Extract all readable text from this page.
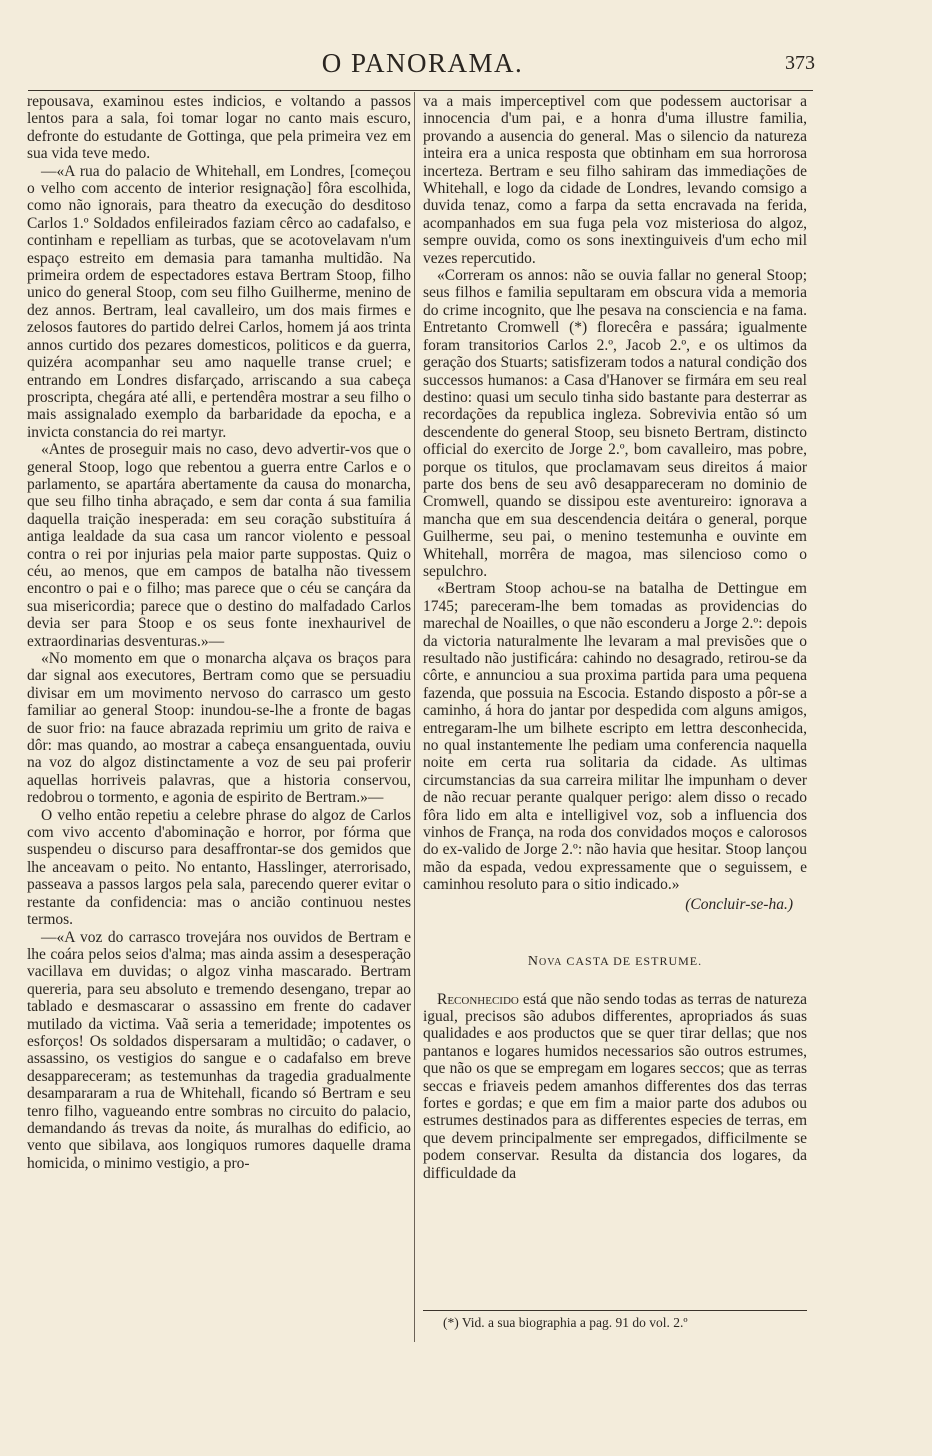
O PANORAMA.	373

repousava, examinou estes indicios, e voltando a passos lentos para a sala, foi tomar logar no canto mais escuro, defronte do estudante de Gottinga, que pela primeira vez em sua vida teve medo.

—«A rua do palacio de Whitehall, em Londres, [começou o velho com accento de interior resignação] fôra escolhida, como não ignorais, para theatro da execução do desditoso Carlos 1.º Soldados enfileirados faziam cêrco ao cadafalso, e continham e repelliam as turbas, que se acotovelavam n'um espaço estreito em demasia para tamanha multidão. Na primeira ordem de espectadores estava Bertram Stoop, filho unico do general Stoop, com seu filho Guilherme, menino de dez annos. Bertram, leal cavalleiro, um dos mais firmes e zelosos fautores do partido delrei Carlos, homem já aos trinta annos curtido dos pezares domesticos, politicos e da guerra, quizéra acompanhar seu amo naquelle transe cruel; e entrando em Londres disfarçado, arriscando a sua cabeça proscripta, chegára até alli, e pertendêra mostrar a seu filho o mais assignalado exemplo da barbaridade da epocha, e a invicta constancia do rei martyr.

«Antes de proseguir mais no caso, devo advertir-vos que o general Stoop, logo que rebentou a guerra entre Carlos e o parlamento, se apartára abertamente da causa do monarcha, que seu filho tinha abraçado, e sem dar conta á sua familia daquella traição inesperada: em seu coração substituíra á antiga lealdade da sua casa um rancor violento e pessoal contra o rei por injurias pela maior parte suppostas. Quiz o céu, ao menos, que em campos de batalha não tivessem encontro o pai e o filho; mas parece que o céu se cançára da sua misericordia; parece que o destino do malfadado Carlos devia ser para Stoop e os seus fonte inexhaurivel de extraordinarias desventuras.»—

«No momento em que o monarcha alçava os braços para dar signal aos executores, Bertram como que se persuadiu divisar em um movimento nervoso do carrasco um gesto familiar ao general Stoop: inundou-se-lhe a fronte de bagas de suor frio: na fauce abrazada reprimiu um grito de raiva e dôr: mas quando, ao mostrar a cabeça ensanguentada, ouviu na voz do algoz distinctamente a voz de seu pai proferir aquellas horriveis palavras, que a historia conservou, redobrou o tormento, e agonia de espirito de Bertram.»—

O velho então repetiu a celebre phrase do algoz de Carlos com vivo accento d'abominação e horror, por fórma que suspendeu o discurso para desaffrontar-se dos gemidos que lhe anceavam o peito. No entanto, Hasslinger, aterrorisado, passeava a passos largos pela sala, parecendo querer evitar o restante da confidencia: mas o ancião continuou nestes termos.

—«A voz do carrasco trovejára nos ouvidos de Bertram e lhe coára pelos seios d'alma; mas ainda assim a desesperação vacillava em duvidas; o algoz vinha mascarado. Bertram quereria, para seu absoluto e tremendo desengano, trepar ao tablado e desmascarar o assassino em frente do cadaver mutilado da victima. Vaã seria a temeridade; impotentes os esforços! Os soldados dispersaram a multidão; o cadaver, o assassino, os vestigios do sangue e o cadafalso em breve desappareceram; as testemunhas da tragedia gradualmente desampararam a rua de Whitehall, ficando só Bertram e seu tenro filho, vagueando entre sombras no circuito do palacio, demandando ás trevas da noite, ás muralhas do edificio, ao vento que sibilava, aos longiquos rumores daquelle drama homicida, o minimo vestigio, a pro-

va a mais imperceptivel com que podessem auctorisar a innocencia d'um pai, e a honra d'uma illustre familia, provando a ausencia do general. Mas o silencio da natureza inteira era a unica resposta que obtinham em sua horrorosa incerteza. Bertram e seu filho sahiram das immediações de Whitehall, e logo da cidade de Londres, levando comsigo a duvida tenaz, como a farpa da setta encravada na ferida, acompanhados em sua fuga pela voz misteriosa do algoz, sempre ouvida, como os sons inextinguiveis d'um echo mil vezes repercutido.

«Correram os annos: não se ouvia fallar no general Stoop; seus filhos e familia sepultaram em obscura vida a memoria do crime incognito, que lhe pesava na consciencia e na fama. Entretanto Cromwell (*) florecêra e passára; igualmente foram transitorios Carlos 2.º, Jacob 2.º, e os ultimos da geração dos Stuarts; satisfizeram todos a natural condição dos successos humanos: a Casa d'Hanover se firmára em seu real destino: quasi um seculo tinha sido bastante para desterrar as recordações da republica ingleza. Sobrevivia então só um descendente do general Stoop, seu bisneto Bertram, distincto official do exercito de Jorge 2.º, bom cavalleiro, mas pobre, porque os titulos, que proclamavam seus direitos á maior parte dos bens de seu avô desappareceram no dominio de Cromwell, quando se dissipou este aventureiro: ignorava a mancha que em sua descendencia deitára o general, porque Guilherme, seu pai, o menino testemunha e ouvinte em Whitehall, morrêra de magoa, mas silencioso como o sepulchro.

«Bertram Stoop achou-se na batalha de Dettingue em 1745; pareceram-lhe bem tomadas as providencias do marechal de Noailles, o que não esconderu a Jorge 2.º: depois da victoria naturalmente lhe levaram a mal previsões que o resultado não justificára: cahindo no desagrado, retirou-se da côrte, e annunciou a sua proxima partida para uma pequena fazenda, que possuia na Escocia. Estando disposto a pôr-se a caminho, á hora do jantar por despedida com alguns amigos, entregaram-lhe um bilhete escripto em lettra desconhecida, no qual instantemente lhe pediam uma conferencia naquella noite em certa rua solitaria da cidade. As ultimas circumstancias da sua carreira militar lhe impunham o dever de não recuar perante qualquer perigo: alem disso o recado fôra lido em alta e intelligivel voz, sob a influencia dos vinhos de França, na roda dos convidados moços e calorosos do ex-valido de Jorge 2.º: não havia que hesitar. Stoop lançou mão da espada, vedou expressamente que o seguissem, e caminhou resoluto para o sitio indicado.»

(Concluir-se-ha.)

Nova CASTA DE ESTRUME.

Reconhecido está que não sendo todas as terras de natureza igual, precisos são adubos differentes, apropriados ás suas qualidades e aos productos que se quer tirar dellas; que nos pantanos e logares humidos necessarios são outros estrumes, que não os que se empregam em logares seccos; que as terras seccas e friaveis pedem amanhos differentes dos das terras fortes e gordas; e que em fim a maior parte dos adubos ou estrumes destinados para as differentes especies de terras, em que devem principalmente ser empregados, difficilmente se podem conservar. Resulta da distancia dos logares, da difficuldade da

(*) Vid. a sua biographia a pag. 91 do vol. 2.º
